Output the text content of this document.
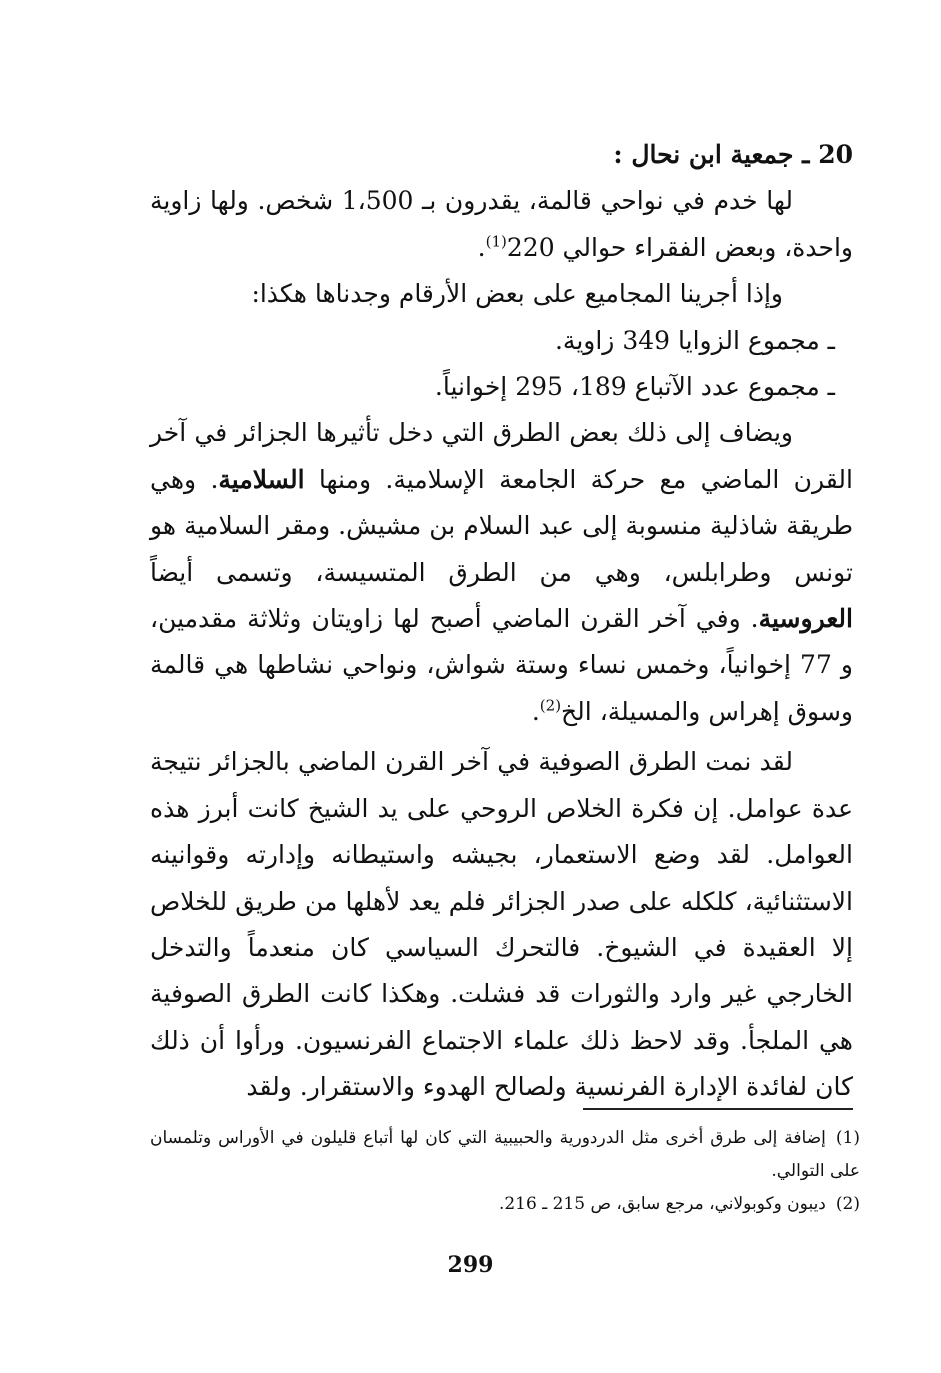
20 ـ جمعية ابن نحال :

لها خدم في نواحي قالمة، يقدرون بـ 1،500 شخص. ولها زاوية واحدة، وبعض الفقراء حوالي 220$^{(1)}$.

وإذا أجرينا المجاميع على بعض الأرقام وجدناها هكذا:

ـ مجموع الزوايا 349 زاوية.

ـ مجموع عدد الآتباع 189، 295 إخوانياً.

ويضاف إلى ذلك بعض الطرق التي دخل تأثيرها الجزائر في آخر القرن الماضي مع حركة الجامعة الإسلامية. ومنها السلامية. وهي طريقة شاذلية منسوبة إلى عبد السلام بن مشيش. ومقر السلامية هو تونس وطرابلس، وهي من الطرق المتسيسة، وتسمى أيضاً العروسية. وفي آخر القرن الماضي أصبح لها زاويتان وثلاثة مقدمين، و 77 إخوانياً، وخمس نساء وستة شواش، ونواحي نشاطها هي قالمة وسوق إهراس والمسيلة، الخ$^{(2)}$.

لقد نمت الطرق الصوفية في آخر القرن الماضي بالجزائر نتيجة عدة عوامل. إن فكرة الخلاص الروحي على يد الشيخ كانت أبرز هذه العوامل. لقد وضع الاستعمار، بجيشه واستيطانه وإدارته وقوانينه الاستثنائية، كلكله على صدر الجزائر فلم يعد لأهلها من طريق للخلاص إلا العقيدة في الشيوخ. فالتحرك السياسي كان منعدماً والتدخل الخارجي غير وارد والثورات قد فشلت. وهكذا كانت الطرق الصوفية هي الملجأ. وقد لاحظ ذلك علماء الاجتماع الفرنسيون. ورأوا أن ذلك كان لفائدة الإدارة الفرنسية ولصالح الهدوء والاستقرار. ولقد

(1)إضافة إلى طرق أخرى مثل الدردورية والحبيبية التي كان لها أتباع قليلون في الأوراس وتلمسان على التوالي.

(2)ديبون وكوبولاني، مرجع سابق، ص 215 ـ 216.

299
